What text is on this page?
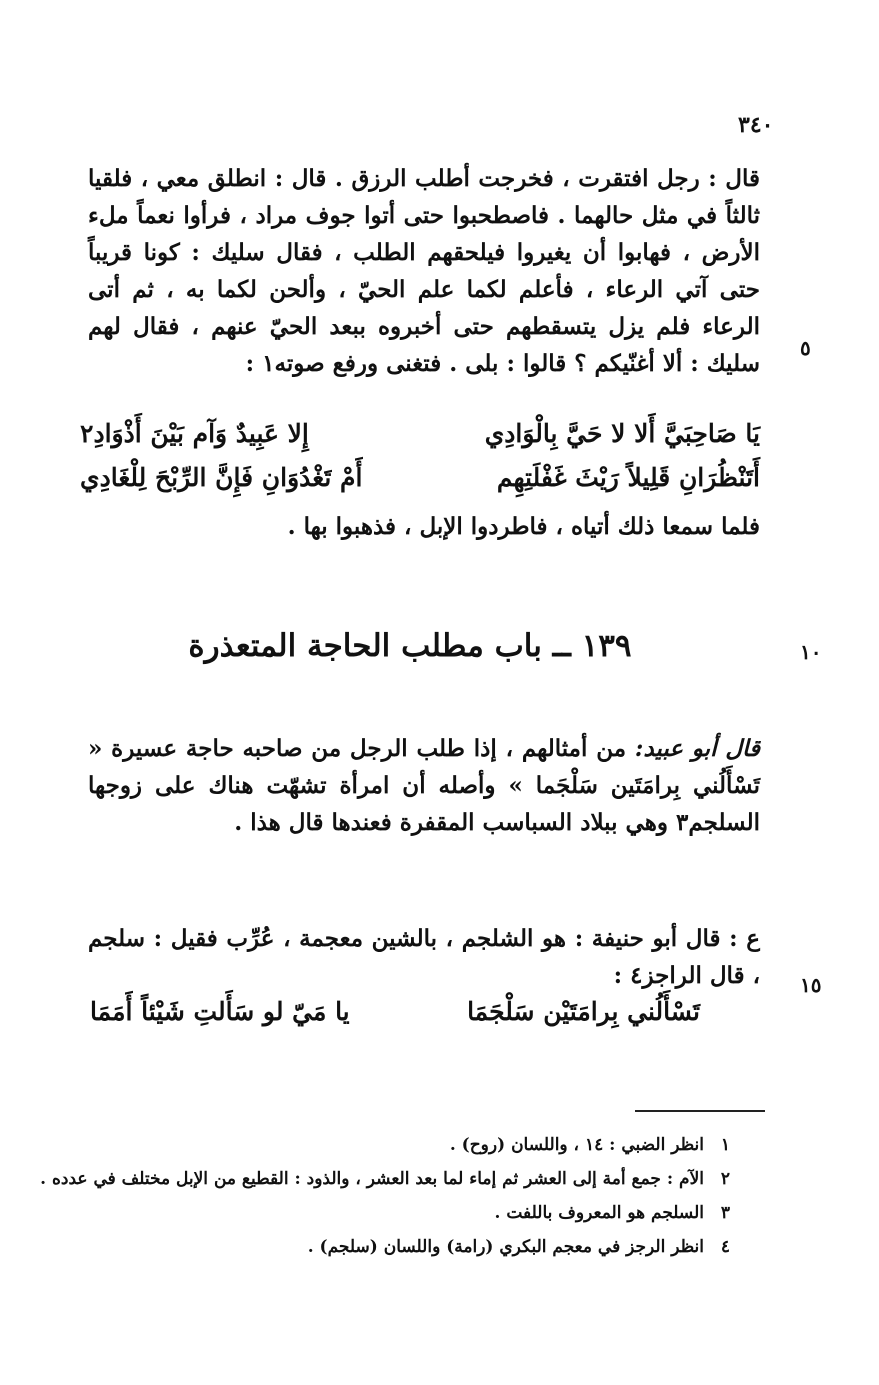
٣٤٠
قال : رجل افتقرت ، فخرجت أطلب الرزق . قال : انطلق معي ، فلقيا ثالثاً في مثل حالهما . فاصطحبوا حتى أتوا جوف مراد ، فرأوا نعماً ملء الأرض ، فهابوا أن يغيروا فيلحقهم الطلب ، فقال سليك : كونا قريباً حتى آتي الرعاء ، فأعلم لكما علم الحيّ ، وألحن لكما به ، ثم أتى الرعاء فلم يزل يتسقطهم حتى أخبروه ببعد الحيّ عنهم ، فقال لهم سليك : ألا أغنّيكم ؟ قالوا : بلى . فتغنى ورفع صوته١ :
٥
يَا صَاحِبَيَّ أَلا لا حَيَّ بِالْوَادِي
إِلا عَبِيدٌ وَآم بَيْنَ أَذْوَادِ٢
أَتَنْظُرَانِ قَلِيلاً رَيْثَ غَفْلَتِهِم
أَمْ تَغْدُوَانِ فَإِنَّ الرِّبْحَ لِلْغَادِي
فلما سمعا ذلك أتياه ، فاطردوا الإبل ، فذهبوا بها .
١٣٩ ــ باب مطلب الحاجة المتعذرة	١٠
قال أبو عبيد: من أمثالهم ، إذا طلب الرجل من صاحبه حاجة عسيرة « تَسْأَلُني بِرامَتَين سَلْجَما » وأصله أن امرأة تشهّت هناك على زوجها السلجم٣ وهي ببلاد السباسب المقفرة فعندها قال هذا .
ع : قال أبو حنيفة : هو الشلجم ، بالشين معجمة ، عُرِّب فقيل : سلجم ، قال الراجز٤ : ١٥
تَسْأَلُني بِرامَتَيْن سَلْجَمَا
يا مَيّ لو سَأَلتِ شَيْئاً أَمَمَا
١
انظر الضبي : ١٤ ، واللسان (روح) .
٢
الآم : جمع أمة إلى العشر ثم إماء لما بعد العشر ، والذود : القطيع من الإبل مختلف في عدده .
٣
السلجم هو المعروف باللفت .
٤
انظر الرجز في معجم البكري (رامة) واللسان (سلجم) .
